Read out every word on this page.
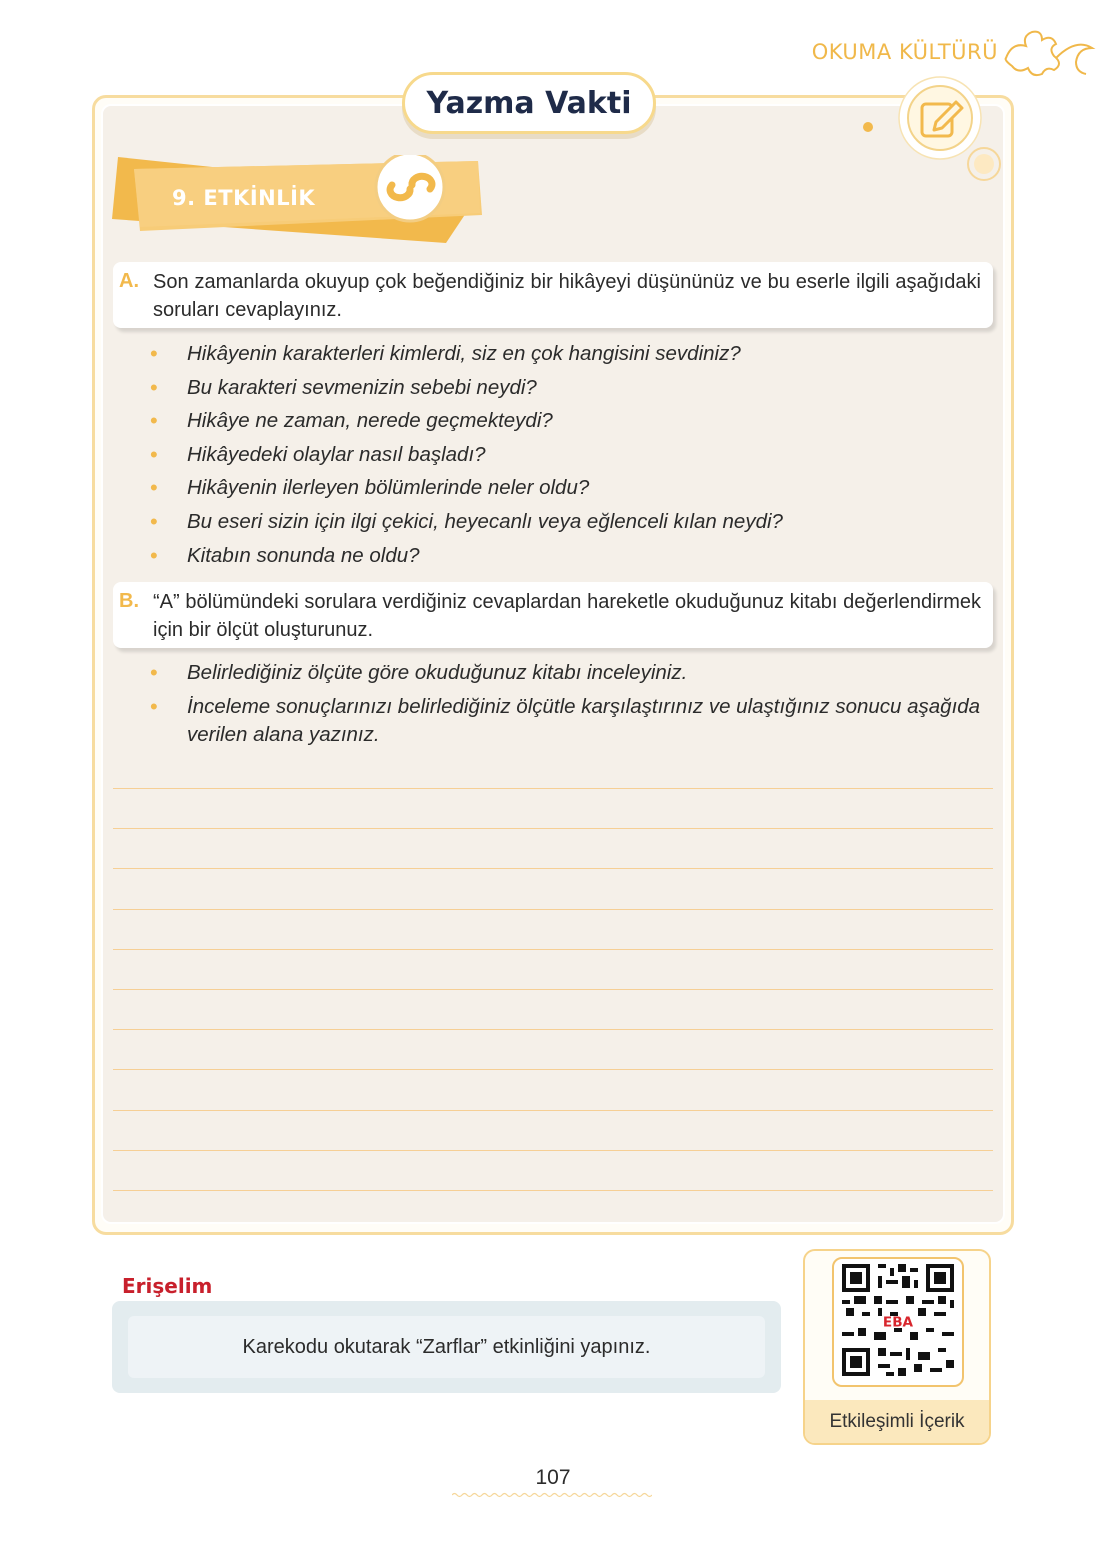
OKUMA KÜLTÜRÜ
Yazma Vakti
9. ETKİNLİK
A. Son zamanlarda okuyup çok beğendiğiniz bir hikâyeyi düşününüz ve bu eserle ilgili aşağıdaki soruları cevaplayınız.
• Hikâyenin karakterleri kimlerdi, siz en çok hangisini sevdiniz?
• Bu karakteri sevmenizin sebebi neydi?
• Hikâye ne zaman, nerede geçmekteydi?
• Hikâyedeki olaylar nasıl başladı?
• Hikâyenin ilerleyen bölümlerinde neler oldu?
• Bu eseri sizin için ilgi çekici, heyecanlı veya eğlenceli kılan neydi?
• Kitabın sonunda ne oldu?
B. “A” bölümündeki sorulara verdiğiniz cevaplardan hareketle okuduğunuz kitabı değerlendirmek için bir ölçüt oluşturunuz.
• Belirlediğiniz ölçüte göre okuduğunuz kitabı inceleyiniz.
• İnceleme sonuçlarınızı belirlediğiniz ölçütle karşılaştırınız ve ulaştığınız sonucu aşağıda verilen alana yazınız.
Erişelim
Karekodu okutarak “Zarflar” etkinliğini yapınız.
EBA
Etkileşimli İçerik
107
